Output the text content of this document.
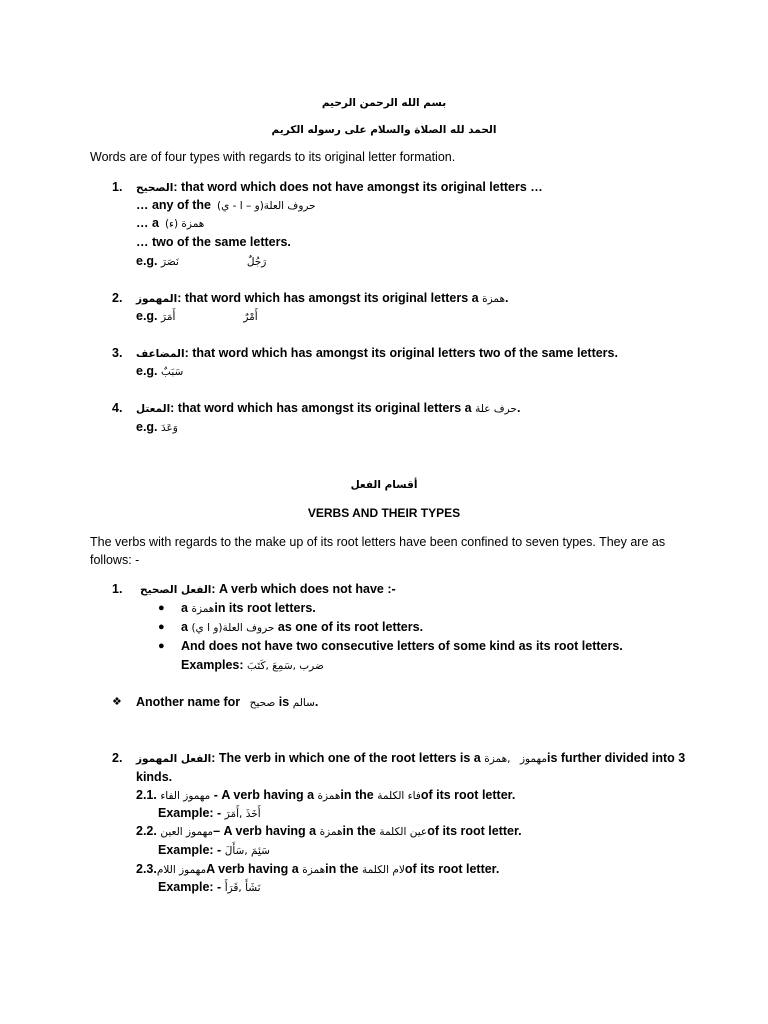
بسم الله الرحمن الرحيم
الحمد لله الصلاة والسلام على رسوله الكريم
Words are of four types with regards to its original letter formation.
1.	الصحيح: that word which does not have amongst its original letters …
… any of the حروف العلة(و – ا - ي)
… a همزة (ء)
… two of the same letters.
e.g. نَصَرَ	رَجُلٌ
2.	المهموز: that word which has amongst its original letters a همزة.
e.g. أَمَرَ	أَمْرٌ
3.	المضاعف: that word which has amongst its original letters two of the same letters.
e.g. سَبَبٌ
4.	المعتل: that word which has amongst its original letters a حرف علة.
e.g. وَعَدَ
أقسام الفعل
VERBS AND THEIR TYPES
The verbs with regards to the make up of its root letters have been confined to seven types. They are as
follows: -
1.	الفعل الصحيح: A verb which does not have :-
● a همزةin its root letters.
● a حروف العلة(و ا ي) as one of its root letters.
● And does not have two consecutive letters of some kind as its root letters.
Examples: ضرب ,سَمِعَ ,كَتَبَ
❖ Another name for صحيح is سالم.
2.	الفعل المهموز: The verb in which one of the root letters is a همزة, مهموزis further divided into 3
kinds.
2.1. مهموز الفاء - A verb having a همزةin the فاء الكلمةof its root letter.
Example: - أَخَذَ ,أَمَرَ
2.2. مهموز العين– A verb having a همزةin the عين الكلمةof its root letter.
Example: - سَئِمَ ,سَأَلَ
2.3.مهموز اللامA verb having a همزةin the لام الكلمةof its root letter.
Example: - نَشَأَ ,قَرَأَ
